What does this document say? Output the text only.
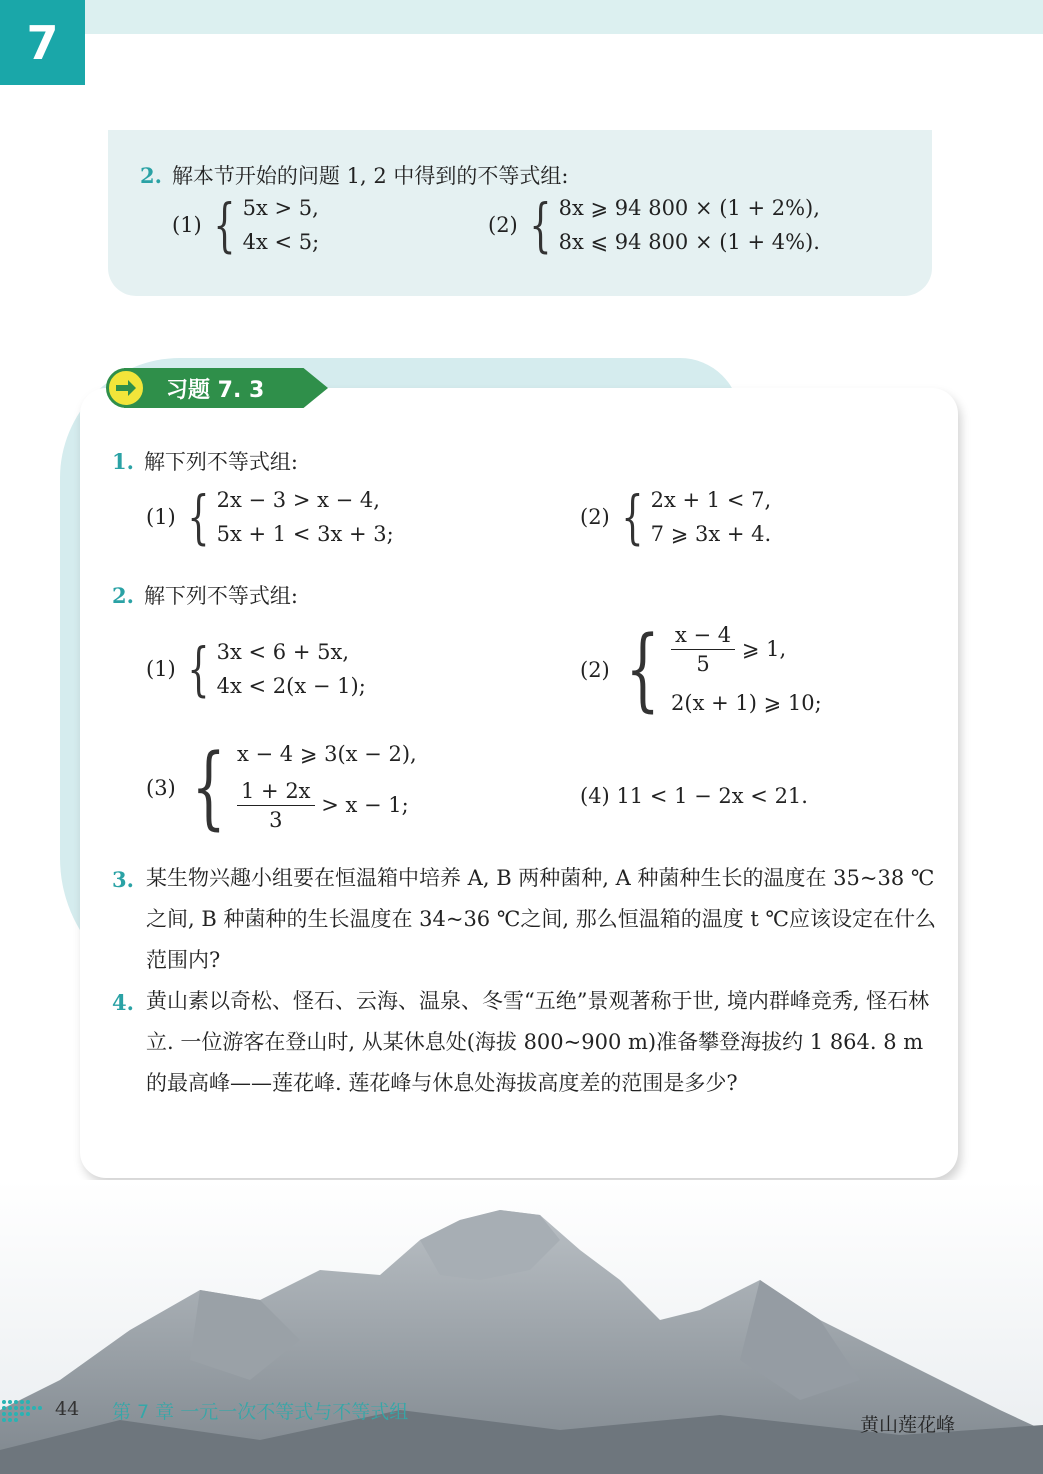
7
2. 解本节开始的问题 1, 2 中得到的不等式组:
(1) { 5x > 5,
4x < 5;
(2) { 8x ⩾ 94 800 × (1 + 2%),
8x ⩽ 94 800 × (1 + 4%).
习题 7. 3
1. 解下列不等式组:
(1) { 2x − 3 > x − 4,
5x + 1 < 3x + 3;
(2) { 2x + 1 < 7,
7 ⩾ 3x + 4.
2. 解下列不等式组:
(1) { 3x < 6 + 5x,
4x < 2(x − 1);
(2) { $\frac{x - 4}{5}$ ⩾ 1,
2(x + 1) ⩾ 10;
(3) { x − 4 ⩾ 3(x − 2),
$\frac{1 + 2x}{3} > x - 1$;	(4) 11 < 1 − 2x < 21.
3. 某生物兴趣小组要在恒温箱中培养 A, B 两种菌种, A 种菌种生长的温度在 35~38 ℃之间, B 种菌种的生长温度在 34~36 ℃之间, 那么恒温箱的温度 t ℃应该设定在什么范围内?
4. 黄山素以奇松、怪石、云海、温泉、冬雪“五绝”景观著称于世, 境内群峰竞秀, 怪石林立. 一位游客在登山时, 从某休息处(海拔 800~900 m)准备攀登海拔约 1 864. 8 m 的最高峰——莲花峰. 莲花峰与休息处海拔高度差的范围是多少?
44 第 7 章 一元一次不等式与不等式组
黄山莲花峰
